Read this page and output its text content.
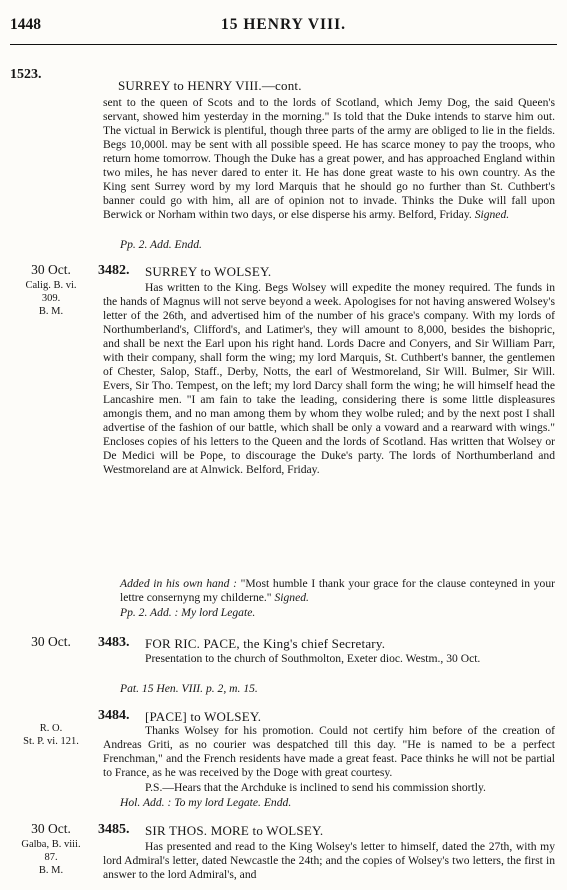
1448	15 HENRY VIII.
1523.
SURREY to HENRY VIII.—cont.
sent to the queen of Scots and to the lords of Scotland, which Jemy Dog, the said Queen's servant, showed him yesterday in the morning." Is told that the Duke intends to starve him out. The victual in Berwick is plentiful, though three parts of the army are obliged to lie in the fields. Begs 10,000l. may be sent with all possible speed. He has scarce money to pay the troops, who return home tomorrow. Though the Duke has a great power, and has approached England within two miles, he has never dared to enter it. He has done great waste to his own country. As the King sent Surrey word by my lord Marquis that he should go no further than St. Cuthbert's banner could go with him, all are of opinion not to invade. Thinks the Duke will fall upon Berwick or Norham within two days, or else disperse his army. Belford, Friday. Signed.
Pp. 2. Add. Endd.
30 Oct.
Calig. B. vi.
309.
B. M.
3482. SURREY to WOLSEY.
Has written to the King. Begs Wolsey will expedite the money required. The funds in the hands of Magnus will not serve beyond a week. Apologises for not having answered Wolsey's letter of the 26th, and advertised him of the number of his grace's company. With my lords of Northumberland's, Clifford's, and Latimer's, they will amount to 8,000, besides the bishopric, and shall be next the Earl upon his right hand. Lords Dacre and Conyers, and Sir William Parr, with their company, shall form the wing; my lord Marquis, St. Cuthbert's banner, the gentlemen of Chester, Salop, Staff., Derby, Notts, the earl of Westmoreland, Sir Will. Bulmer, Sir Will. Evers, Sir Tho. Tempest, on the left; my lord Darcy shall form the wing; he will himself head the Lancashire men. "I am fain to take the leading, considering there is some little displeasures amongis them, and no man among them by whom they wolbe ruled; and by the next post I shall advertise of the fashion of our battle, which shall be only a voward and a rearward with wings." Encloses copies of his letters to the Queen and the lords of Scotland. Has written that Wolsey or De Medici will be Pope, to discourage the Duke's party. The lords of Northumberland and Westmoreland are at Alnwick. Belford, Friday.
Added in his own hand : "Most humble I thank your grace for the clause conteyned in your lettre consernyng my childerne." Signed.
Pp. 2. Add. : My lord Legate.
30 Oct.	3483. FOR RIC. PACE, the King's chief Secretary.
Presentation to the church of Southmolton, Exeter dioc. Westm., 30 Oct.
Pat. 15 Hen. VIII. p. 2, m. 15.
R. O.
St. P. vi. 121.
3484. [PACE] to WOLSEY.
Thanks Wolsey for his promotion. Could not certify him before of the creation of Andreas Griti, as no courier was despatched till this day. "He is named to be a perfect Frenchman," and the French residents have made a great feast. Pace thinks he will not be partial to France, as he was received by the Doge with great courtesy.
P.S.—Hears that the Archduke is inclined to send his commission shortly.
Hol. Add. : To my lord Legate. Endd.
30 Oct.
Galba, B. viii.
87.
B. M.
3485. SIR THOS. MORE to WOLSEY.
Has presented and read to the King Wolsey's letter to himself, dated the 27th, with my lord Admiral's letter, dated Newcastle the 24th; and the copies of Wolsey's two letters, the first in answer to the lord Admiral's, and
